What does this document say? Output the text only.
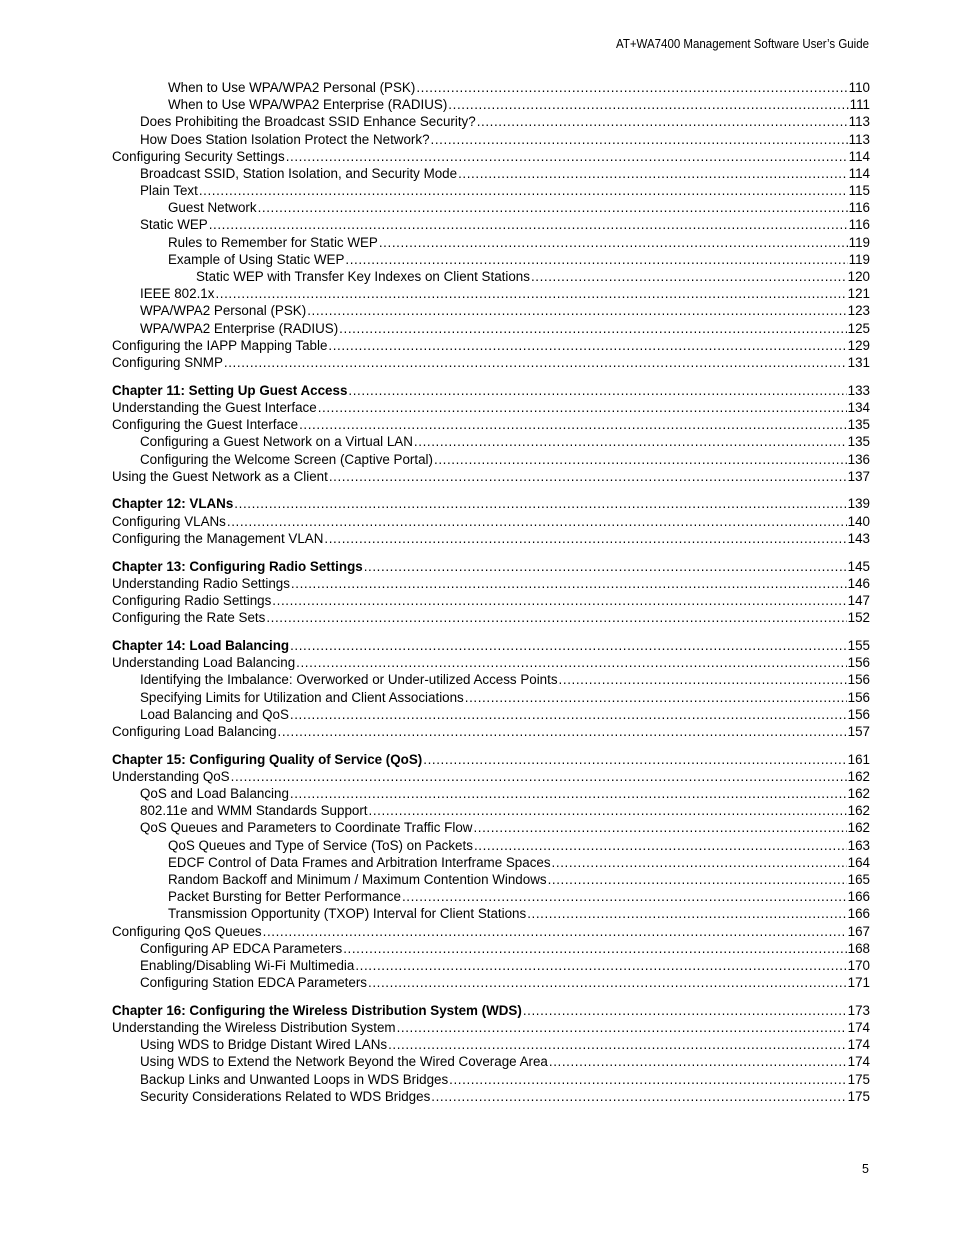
AT+WA7400 Management Software User’s Guide
When to Use WPA/WPA2 Personal (PSK) .....	110
When to Use WPA/WPA2 Enterprise (RADIUS) .....	111
Does Prohibiting the Broadcast SSID Enhance Security? .....	113
How Does Station Isolation Protect the Network? .....	113
Configuring Security Settings .....	114
Broadcast SSID, Station Isolation, and Security Mode .....	114
Plain Text .....	115
Guest Network .....	116
Static WEP .....	116
Rules to Remember for Static WEP .....	119
Example of Using Static WEP .....	119
Static WEP with Transfer Key Indexes on Client Stations .....	120
IEEE 802.1x .....	121
WPA/WPA2 Personal (PSK) .....	123
WPA/WPA2 Enterprise (RADIUS) .....	125
Configuring the IAPP Mapping Table .....	129
Configuring SNMP .....	131
Chapter 11: Setting Up Guest Access .....	133
Understanding the Guest Interface .....	134
Configuring the Guest Interface .....	135
Configuring a Guest Network on a Virtual LAN .....	135
Configuring the Welcome Screen (Captive Portal) .....	136
Using the Guest Network as a Client .....	137
Chapter 12: VLANs .....	139
Configuring VLANs .....	140
Configuring the Management VLAN .....	143
Chapter 13: Configuring Radio Settings .....	145
Understanding Radio Settings .....	146
Configuring Radio Settings .....	147
Configuring the Rate Sets .....	152
Chapter 14: Load Balancing .....	155
Understanding Load Balancing .....	156
Identifying the Imbalance: Overworked or Under-utilized Access Points .....	156
Specifying Limits for Utilization and Client Associations .....	156
Load Balancing and QoS .....	156
Configuring Load Balancing .....	157
Chapter 15: Configuring Quality of Service (QoS) .....	161
Understanding QoS .....	162
QoS and Load Balancing .....	162
802.11e and WMM Standards Support .....	162
QoS Queues and Parameters to Coordinate Traffic Flow .....	162
QoS Queues and Type of Service (ToS) on Packets .....	163
EDCF Control of Data Frames and Arbitration Interframe Spaces .....	164
Random Backoff and Minimum / Maximum Contention Windows .....	165
Packet Bursting for Better Performance .....	166
Transmission Opportunity (TXOP) Interval for Client Stations .....	166
Configuring QoS Queues .....	167
Configuring AP EDCA Parameters .....	168
Enabling/Disabling Wi-Fi Multimedia .....	170
Configuring Station EDCA Parameters .....	171
Chapter 16: Configuring the Wireless Distribution System (WDS) .....	173
Understanding the Wireless Distribution System .....	174
Using WDS to Bridge Distant Wired LANs .....	174
Using WDS to Extend the Network Beyond the Wired Coverage Area .....	174
Backup Links and Unwanted Loops in WDS Bridges .....	175
Security Considerations Related to WDS Bridges .....	175
5
